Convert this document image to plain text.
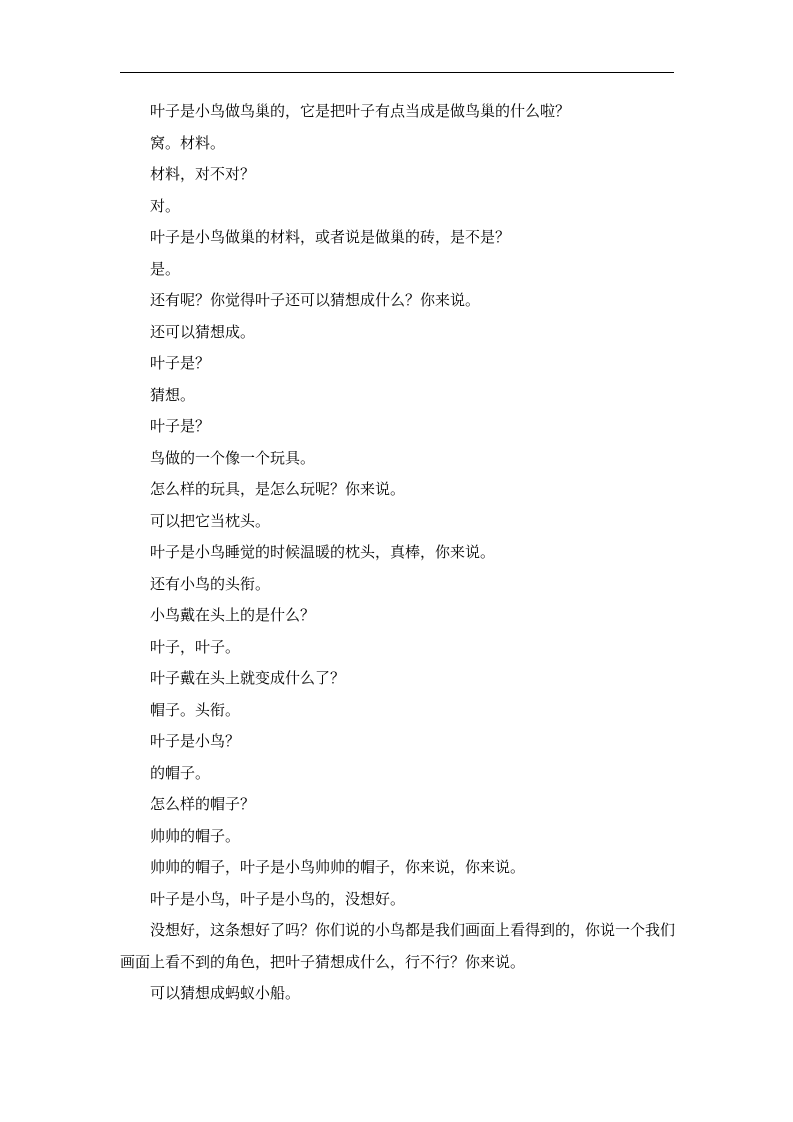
叶子是小鸟做鸟巢的，它是把叶子有点当成是做鸟巢的什么啦？

窝。材料。

材料，对不对？

对。

叶子是小鸟做巢的材料，或者说是做巢的砖，是不是？

是。

还有呢？你觉得叶子还可以猜想成什么？你来说。

还可以猜想成。

叶子是？

猜想。

叶子是？

鸟做的一个像一个玩具。

怎么样的玩具，是怎么玩呢？你来说。

可以把它当枕头。

叶子是小鸟睡觉的时候温暖的枕头，真棒，你来说。

还有小鸟的头衔。

小鸟戴在头上的是什么？

叶子，叶子。

叶子戴在头上就变成什么了？

帽子。头衔。

叶子是小鸟？

的帽子。

怎么样的帽子？

帅帅的帽子。

帅帅的帽子，叶子是小鸟帅帅的帽子，你来说，你来说。

叶子是小鸟，叶子是小鸟的，没想好。

没想好，这条想好了吗？你们说的小鸟都是我们画面上看得到的，你说一个我们画面上看不到的角色，把叶子猜想成什么，行不行？你来说。

可以猜想成蚂蚁小船。
